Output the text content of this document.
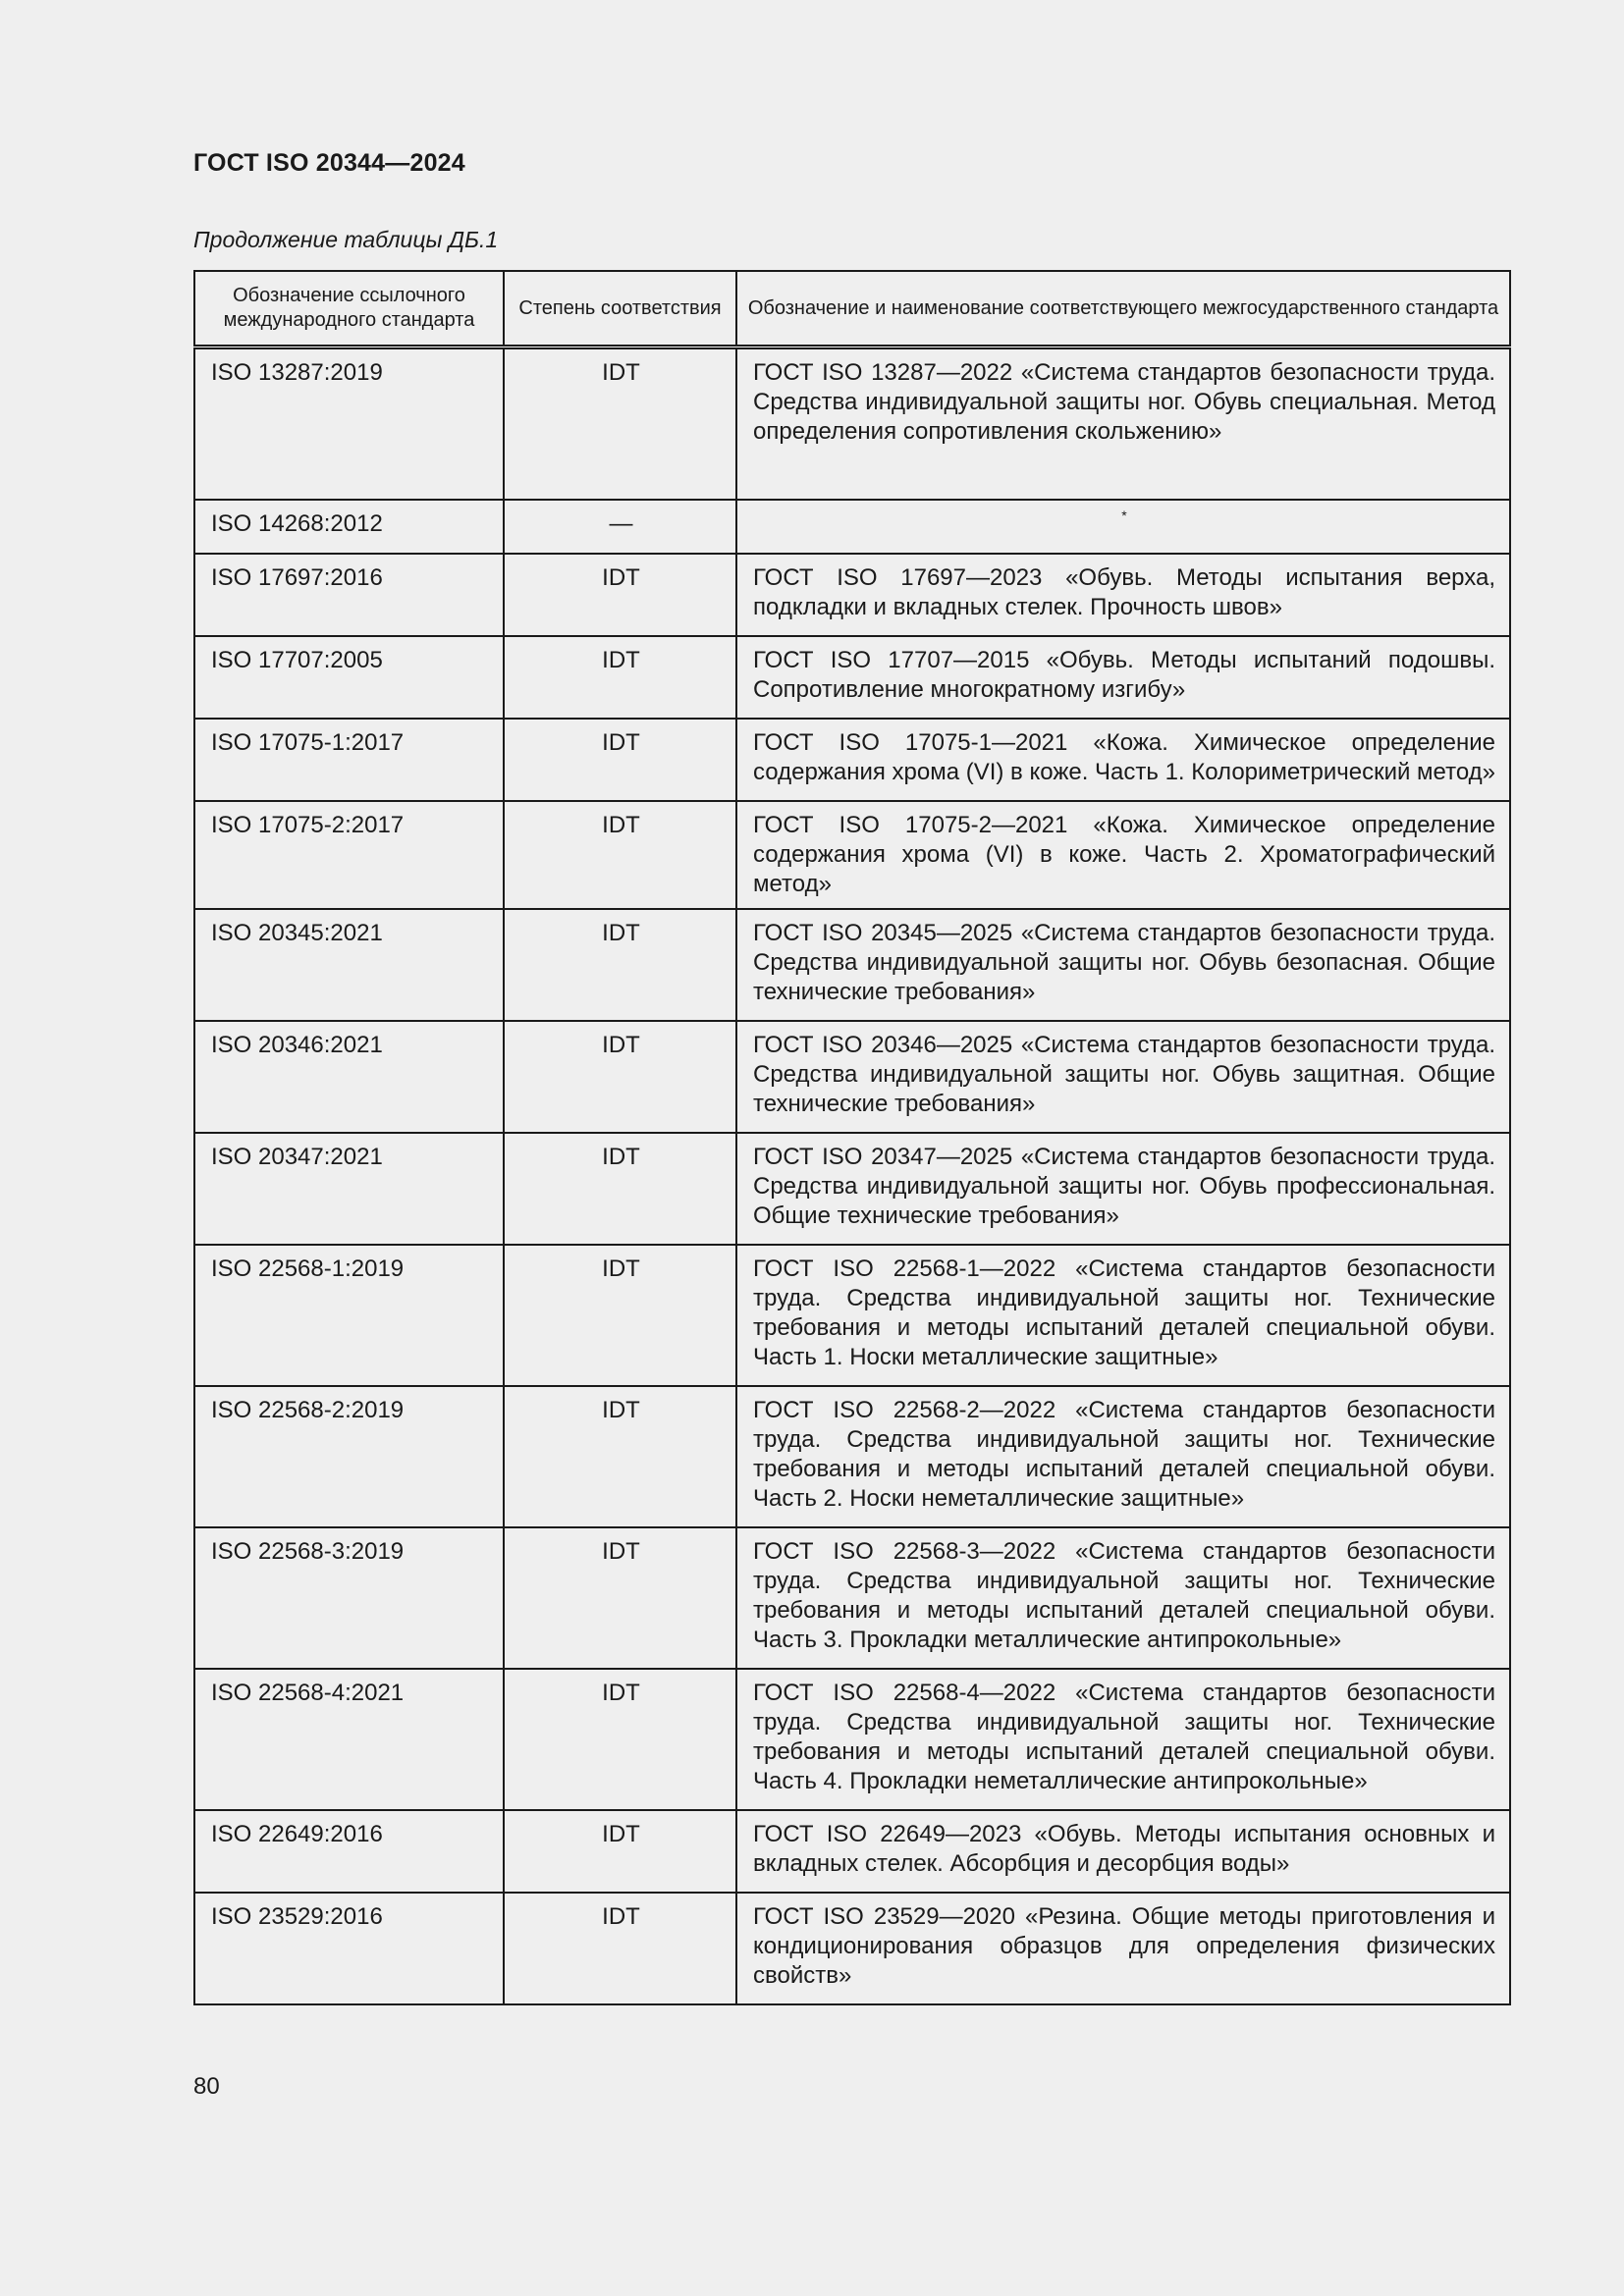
ГОСТ ISO 20344—2024
Продолжение таблицы ДБ.1
Обозначение ссылочного международного стандарта	Степень соответствия	Обозначение и наименование соответствующего межгосударственного стандарта
ISO 13287:2019	IDT	ГОСТ ISO 13287—2022 «Система стандартов безопасности труда. Средства индивидуальной защиты ног. Обувь специальная. Метод определения сопротивления скольжению»
ISO 14268:2012	—	*
ISO 17697:2016	IDT	ГОСТ ISO 17697—2023 «Обувь. Методы испытания верха, подкладки и вкладных стелек. Прочность швов»
ISO 17707:2005	IDT	ГОСТ ISO 17707—2015 «Обувь. Методы испытаний подошвы. Сопротивление многократному изгибу»
ISO 17075-1:2017	IDT	ГОСТ ISO 17075-1—2021 «Кожа. Химическое определение содержания хрома (VI) в коже. Часть 1. Колориметрический метод»
ISO 17075-2:2017	IDT	ГОСТ ISO 17075-2—2021 «Кожа. Химическое определение содержания хрома (VI) в коже. Часть 2. Хроматографический метод»
ISO 20345:2021	IDT	ГОСТ ISO 20345—2025 «Система стандартов безопасности труда. Средства индивидуальной защиты ног. Обувь безопасная. Общие технические требования»
ISO 20346:2021	IDT	ГОСТ ISO 20346—2025 «Система стандартов безопасности труда. Средства индивидуальной защиты ног. Обувь защитная. Общие технические требования»
ISO 20347:2021	IDT	ГОСТ ISO 20347—2025 «Система стандартов безопасности труда. Средства индивидуальной защиты ног. Обувь профессиональная. Общие технические требования»
ISO 22568-1:2019	IDT	ГОСТ ISO 22568-1—2022 «Система стандартов безопасности труда. Средства индивидуальной защиты ног. Технические требования и методы испытаний деталей специальной обуви. Часть 1. Носки металлические защитные»
ISO 22568-2:2019	IDT	ГОСТ ISO 22568-2—2022 «Система стандартов безопасности труда. Средства индивидуальной защиты ног. Технические требования и методы испытаний деталей специальной обуви. Часть 2. Носки неметаллические защитные»
ISO 22568-3:2019	IDT	ГОСТ ISO 22568-3—2022 «Система стандартов безопасности труда. Средства индивидуальной защиты ног. Технические требования и методы испытаний деталей специальной обуви. Часть 3. Прокладки металлические антипрокольные»
ISO 22568-4:2021	IDT	ГОСТ ISO 22568-4—2022 «Система стандартов безопасности труда. Средства индивидуальной защиты ног. Технические требования и методы испытаний деталей специальной обуви. Часть 4. Прокладки неметаллические антипрокольные»
ISO 22649:2016	IDT	ГОСТ ISO 22649—2023 «Обувь. Методы испытания основных и вкладных стелек. Абсорбция и десорбция воды»
ISO 23529:2016	IDT	ГОСТ ISO 23529—2020 «Резина. Общие методы приготовления и кондиционирования образцов для определения физических свойств»
80
